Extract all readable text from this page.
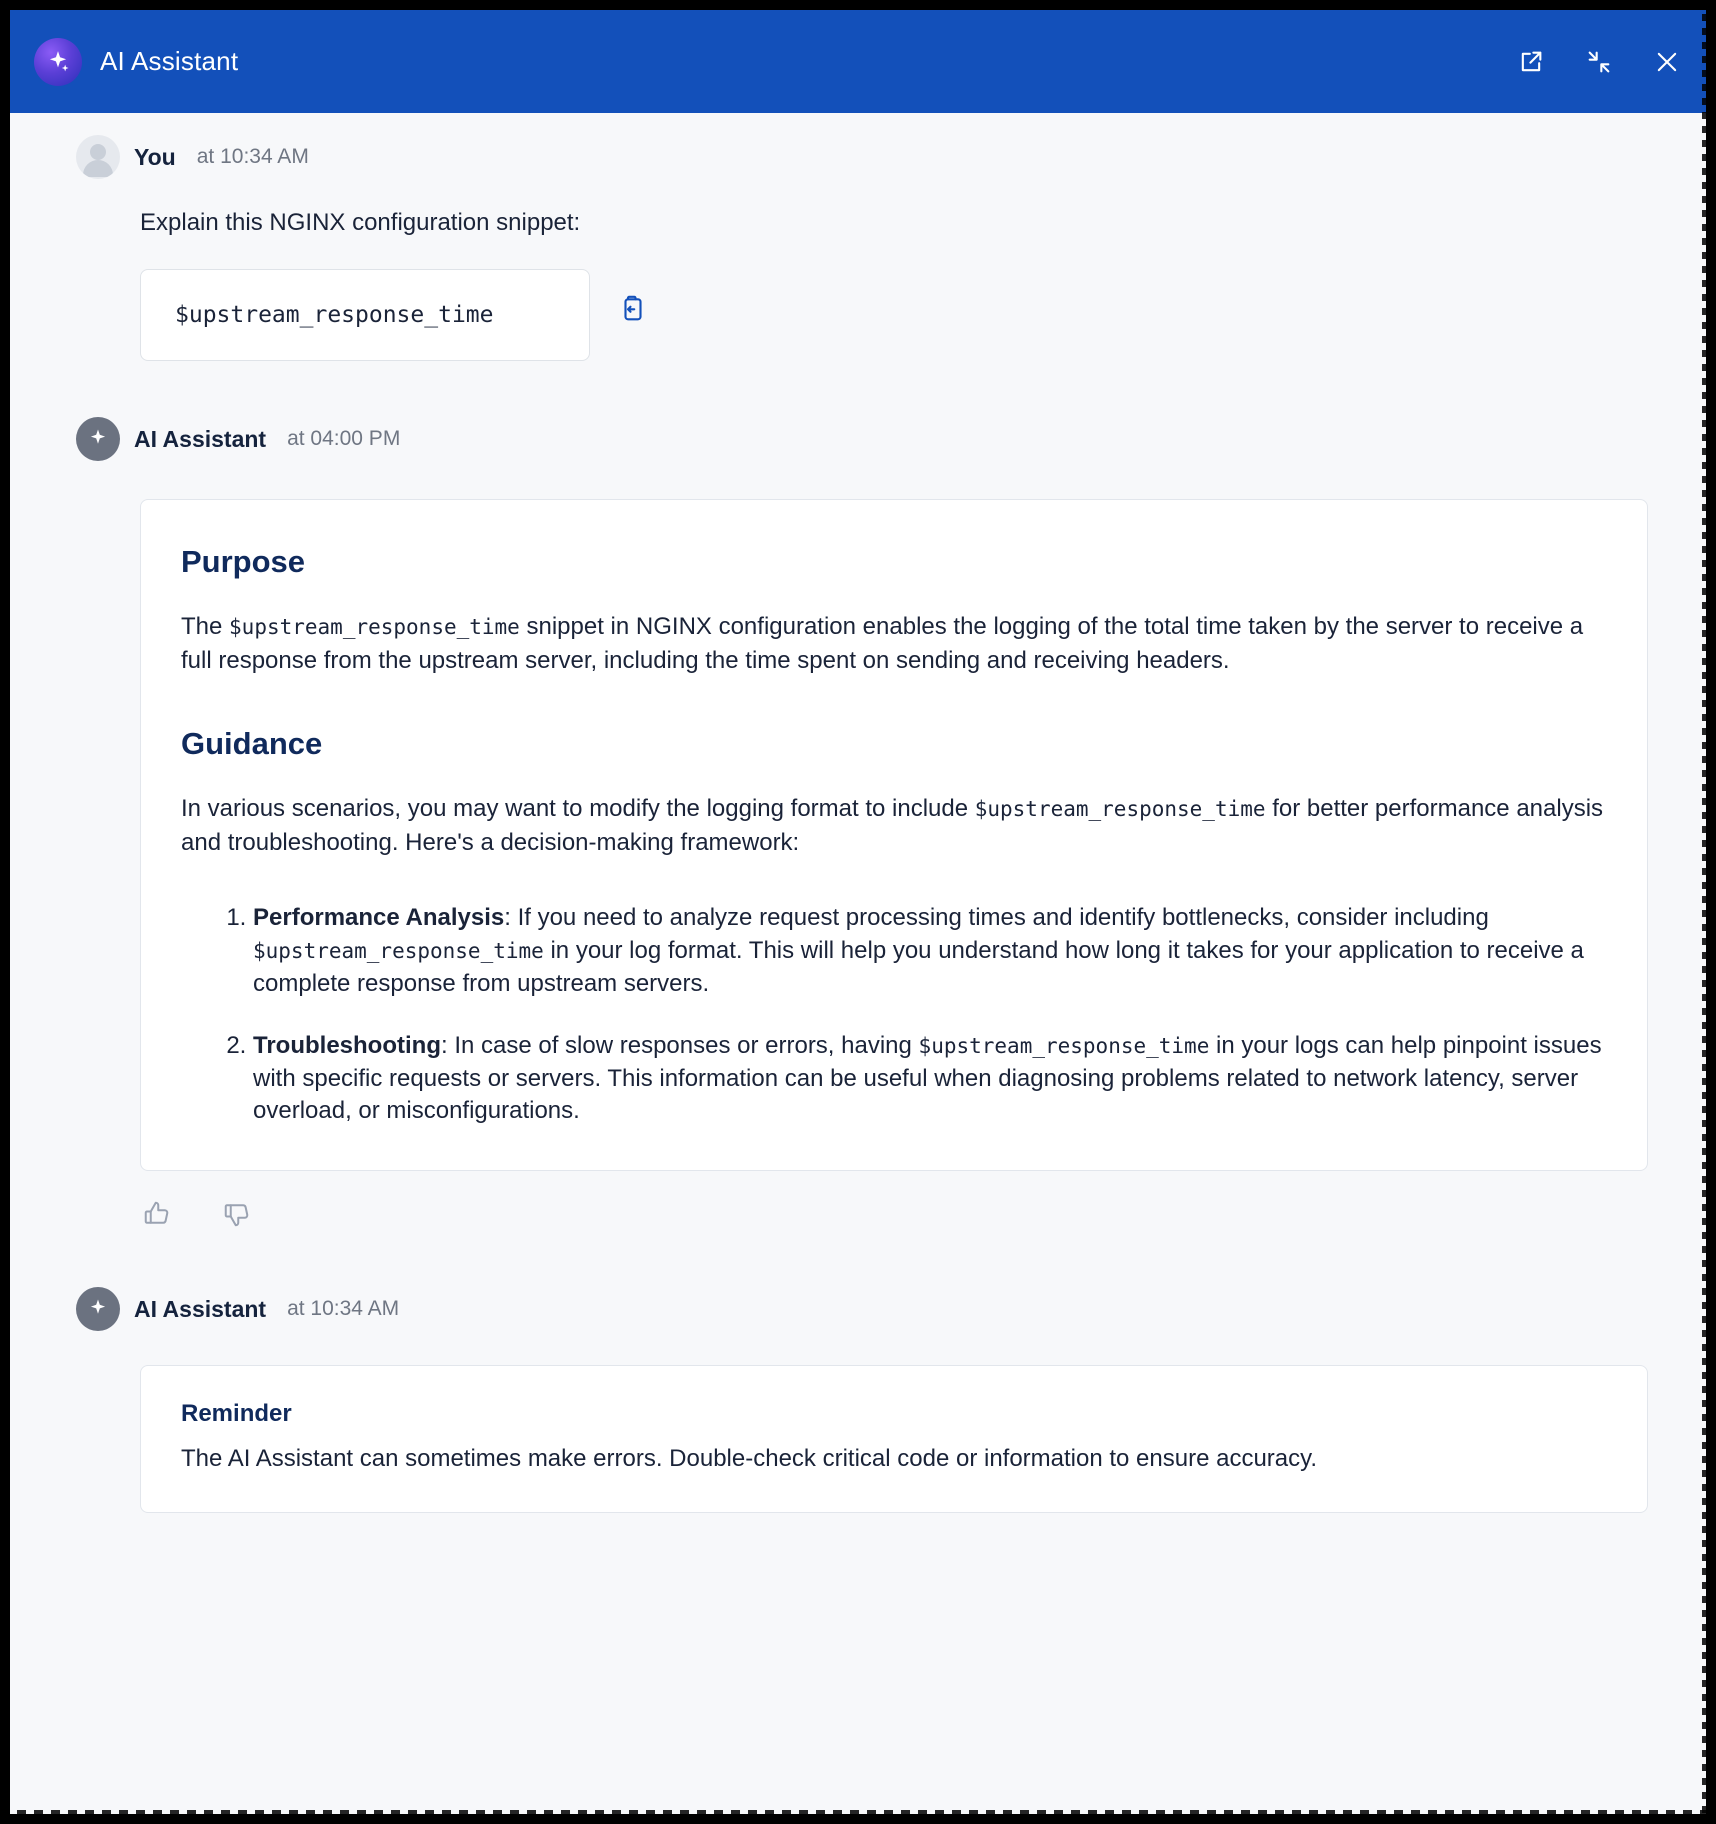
AI Assistant
You at 10:34 AM
Explain this NGINX configuration snippet:
$upstream_response_time
AI Assistant at 04:00 PM
Purpose

The $upstream_response_time snippet in NGINX configuration enables the logging of the total time taken by the server to receive a full response from the upstream server, including the time spent on sending and receiving headers.

Guidance

In various scenarios, you may want to modify the logging format to include $upstream_response_time for better performance analysis and troubleshooting. Here's a decision-making framework:

1. Performance Analysis: If you need to analyze request processing times and identify bottlenecks, consider including $upstream_response_time in your log format. This will help you understand how long it takes for your application to receive a complete response from upstream servers.
2. Troubleshooting: In case of slow responses or errors, having $upstream_response_time in your logs can help pinpoint issues with specific requests or servers. This information can be useful when diagnosing problems related to network latency, server overload, or misconfigurations.
AI Assistant at 10:34 AM
Reminder
The AI Assistant can sometimes make errors. Double-check critical code or information to ensure accuracy.
